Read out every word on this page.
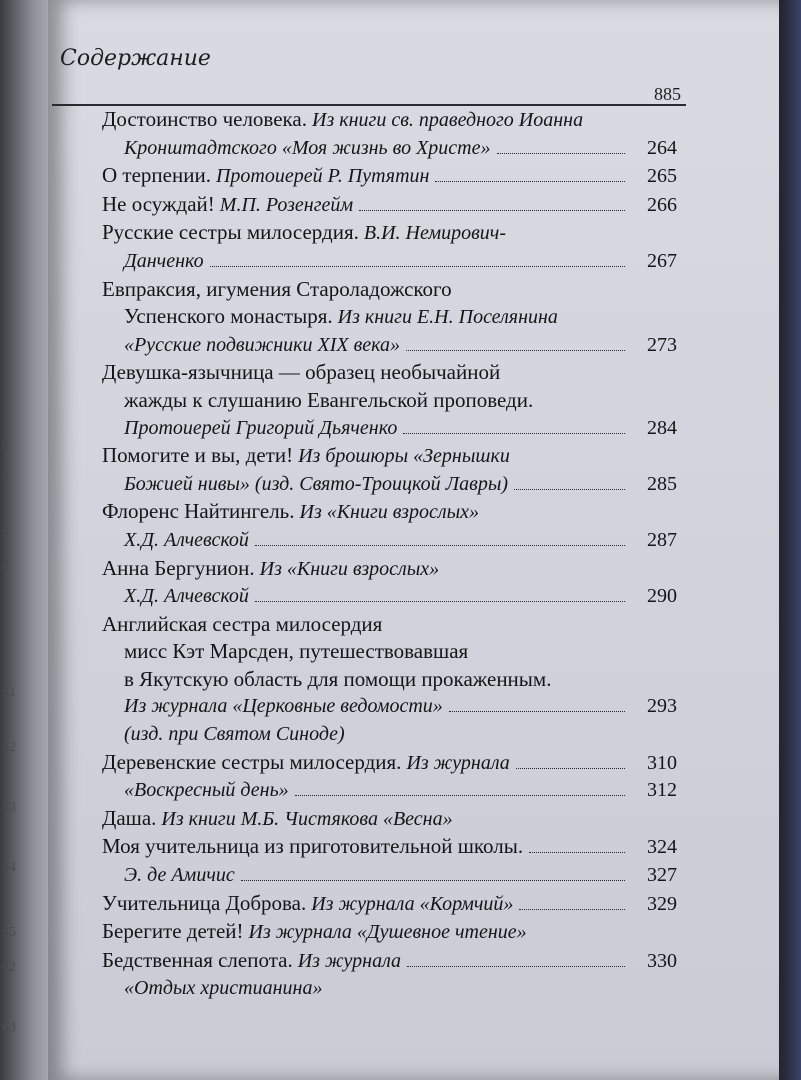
3
4
5
0
1
51
52
53
54
55
62
63
Содержание
885
Достоинство человека. Из книги св. праведного Иоанна
Кронштадтского «Моя жизнь во Христе»	264
О терпении. Протоиерей Р. Путятин	265
Не осуждай! М.П. Розенгейм	266
Русские сестры милосердия. В.И. Немирович-
Данченко	267
Евпраксия, игумения Староладожского
Успенского монастыря. Из книги Е.Н. Поселянина
«Русские подвижники XIX века»	273
Девушка-язычница — образец необычайной
жажды к слушанию Евангельской проповеди.
Протоиерей Григорий Дьяченко	284
Помогите и вы, дети! Из брошюры «Зернышки
Божией нивы» (изд. Свято-Троицкой Лавры)	285
Флоренс Найтингель. Из «Книги взрослых»
Х.Д. Алчевской	287
Анна Бергунион. Из «Книги взрослых»
Х.Д. Алчевской	290
Английская сестра милосердия
мисс Кэт Марсден, путешествовавшая
в Якутскую область для помощи прокаженным.
Из журнала «Церковные ведомости»	293
(изд. при Святом Синоде)
Деревенские сестры милосердия. Из журнала	310
«Воскресный день»	312
Даша. Из книги М.Б. Чистякова «Весна»
Моя учительница из приготовительной школы.	324
Э. де Амичис	327
Учительница Доброва. Из журнала «Кормчий»	329
Берегите детей! Из журнала «Душевное чтение»
Бедственная слепота. Из журнала	330
«Отдых христианина»
